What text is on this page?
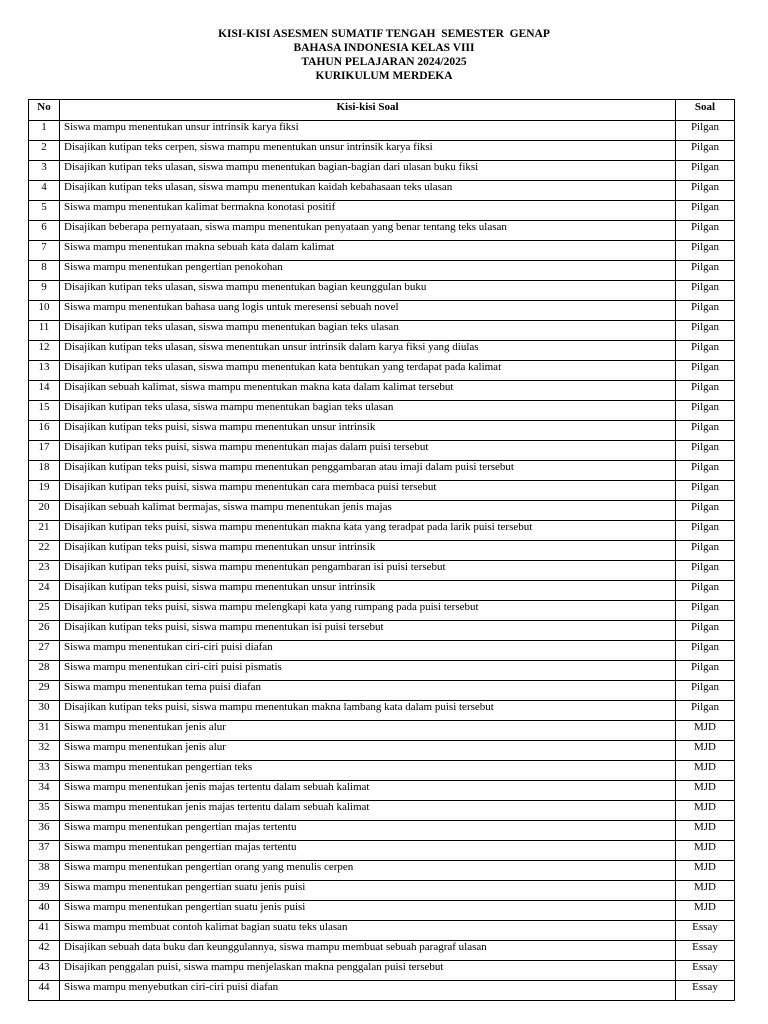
KISI-KISI ASESMEN SUMATIF TENGAH  SEMESTER  GENAP
BAHASA INDONESIA KELAS VIII
TAHUN PELAJARAN 2024/2025
KURIKULUM MERDEKA
No	Kisi-kisi Soal	Soal
1	Siswa mampu menentukan unsur intrinsik karya fiksi	Pilgan
2	Disajikan kutipan teks cerpen, siswa mampu menentukan unsur intrinsik karya fiksi	Pilgan
3	Disajikan kutipan teks ulasan, siswa mampu menentukan bagian-bagian dari ulasan buku fiksi	Pilgan
4	Disajikan kutipan teks ulasan, siswa mampu menentukan kaidah kebahasaan teks ulasan	Pilgan
5	Siswa mampu menentukan kalimat bermakna konotasi positif	Pilgan
6	Disajikan beberapa pernyataan, siswa mampu menentukan penyataan yang benar tentang teks ulasan	Pilgan
7	Siswa mampu menentukan makna sebuah kata dalam kalimat	Pilgan
8	Siswa mampu menentukan pengertian penokohan	Pilgan
9	Disajikan kutipan teks ulasan, siswa mampu menentukan bagian keunggulan buku	Pilgan
10	Siswa mampu menentukan bahasa uang logis untuk meresensi sebuah novel	Pilgan
11	Disajikan kutipan teks ulasan, siswa mampu menentukan bagian teks ulasan	Pilgan
12	Disajikan kutipan teks ulasan, siswa menentukan unsur intrinsik dalam karya fiksi yang diulas	Pilgan
13	Disajikan kutipan teks ulasan, siswa mampu menentukan kata bentukan yang terdapat pada kalimat	Pilgan
14	Disajikan sebuah kalimat, siswa mampu menentukan makna kata dalam kalimat tersebut	Pilgan
15	Disajikan kutipan teks ulasa, siswa mampu menentukan bagian teks ulasan	Pilgan
16	Disajikan kutipan teks puisi, siswa mampu menentukan unsur intrinsik	Pilgan
17	Disajikan kutipan teks puisi, siswa mampu menentukan majas dalam puisi tersebut	Pilgan
18	Disajikan kutipan teks puisi, siswa mampu menentukan penggambaran atau imaji dalam puisi tersebut	Pilgan
19	Disajikan kutipan teks puisi, siswa mampu menentukan cara membaca puisi tersebut	Pilgan
20	Disajikan sebuah kalimat bermajas, siswa mampu menentukan jenis majas	Pilgan
21	Disajikan kutipan teks puisi, siswa mampu menentukan makna kata yang teradpat pada larik puisi tersebut	Pilgan
22	Disajikan kutipan teks puisi, siswa mampu menentukan unsur intrinsik	Pilgan
23	Disajikan kutipan teks puisi, siswa mampu menentukan pengambaran isi puisi tersebut	Pilgan
24	Disajikan kutipan teks puisi, siswa mampu menentukan unsur intrinsik	Pilgan
25	Disajikan kutipan teks puisi, siswa mampu melengkapi kata yang rumpang pada puisi tersebut	Pilgan
26	Disajikan kutipan teks puisi, siswa mampu menentukan isi puisi tersebut	Pilgan
27	Siswa mampu menentukan ciri-ciri puisi diafan	Pilgan
28	Siswa mampu menentukan ciri-ciri puisi pismatis	Pilgan
29	Siswa mampu menentukan tema puisi diafan	Pilgan
30	Disajikan kutipan teks puisi, siswa mampu menentukan makna lambang kata dalam puisi tersebut	Pilgan
31	Siswa mampu menentukan jenis alur	MJD
32	Siswa mampu menentukan jenis alur	MJD
33	Siswa mampu menentukan pengertian teks	MJD
34	Siswa mampu menentukan jenis majas tertentu dalam sebuah kalimat	MJD
35	Siswa mampu menentukan jenis majas tertentu dalam sebuah kalimat	MJD
36	Siswa mampu menentukan pengertian majas tertentu	MJD
37	Siswa mampu menentukan pengertian majas tertentu	MJD
38	Siswa mampu menentukan pengertian orang yang menulis cerpen	MJD
39	Siswa mampu menentukan pengertian suatu jenis puisi	MJD
40	Siswa mampu menentukan pengertian suatu jenis puisi	MJD
41	Siswa mampu membuat contoh kalimat bagian suatu teks ulasan	Essay
42	Disajikan sebuah data buku dan keunggulannya, siswa mampu membuat sebuah paragraf ulasan	Essay
43	Disajikan penggalan puisi, siswa mampu menjelaskan makna penggalan puisi tersebut	Essay
44	Siswa mampu menyebutkan ciri-ciri puisi diafan	Essay
